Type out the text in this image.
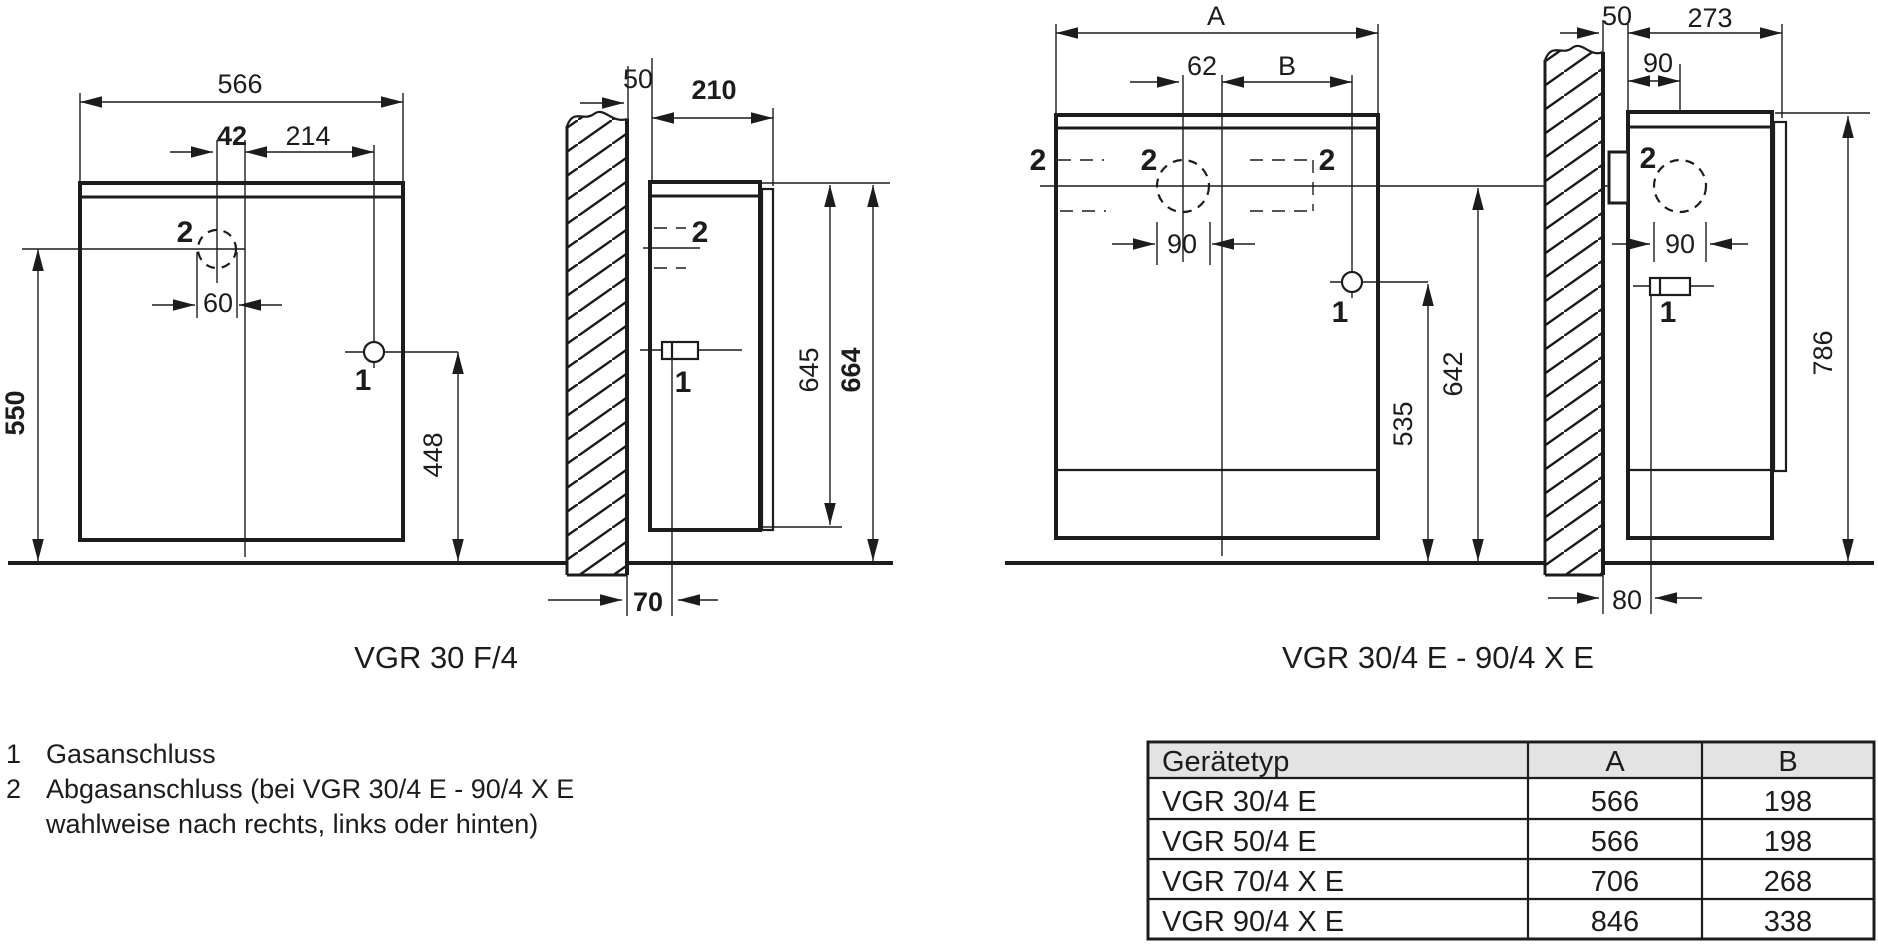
566
42 214
2
60
1
550
448
50 210
2
1	645 664
70
A
62 B
2	2	2
90
1
535
642
50 273
90
2
90
1
786
80
VGR 30 F/4	VGR 30/4 E - 90/4 X E
1 Gasanschluss
2 Abgasanschluss (bei VGR 30/4 E - 90/4 X E
wahlweise nach rechts, links oder hinten)
Gerätetyp	A	B
VGR 30/4 E	566	198
VGR 50/4 E	566	198
VGR 70/4 X E	706	268
VGR 90/4 X E	846	338
